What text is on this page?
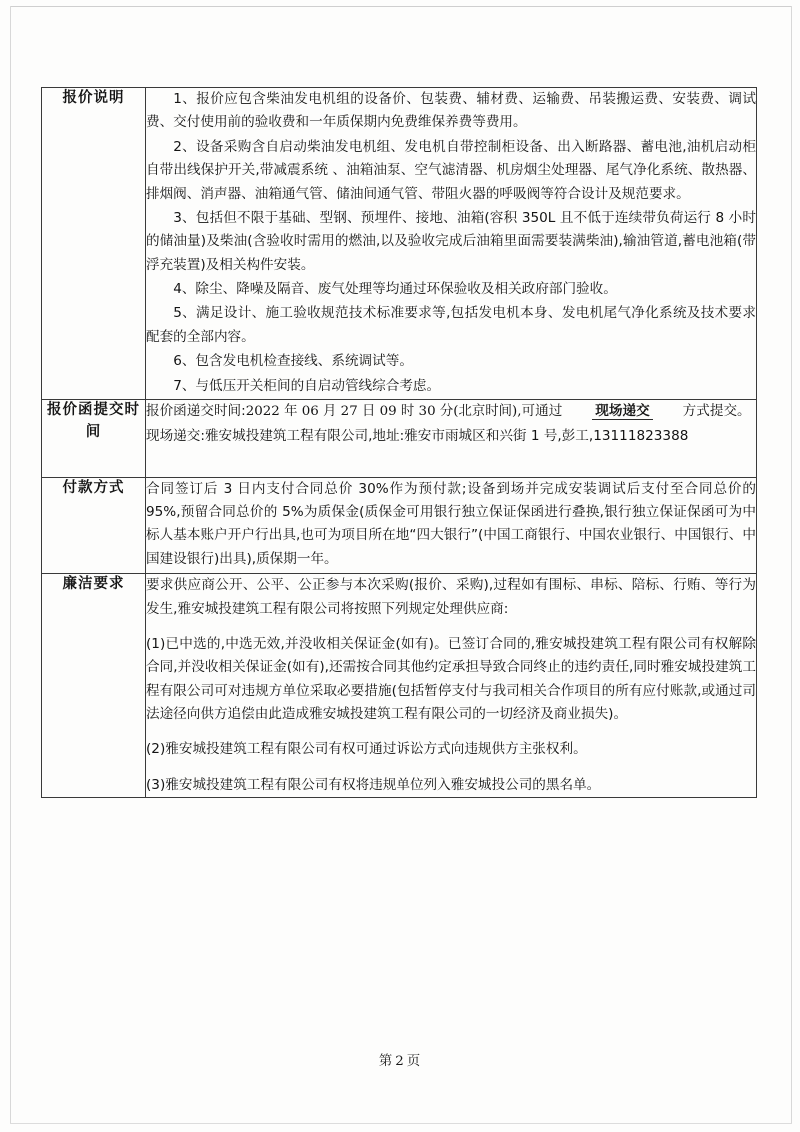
报价说明	1、报价应包含柴油发电机组的设备价、包装费、辅材费、运输费、吊装搬运费、安装费、调试费、交付使用前的验收费和一年质保期内免费维保养费等费用。

2、设备采购含自启动柴油发电机组、发电机自带控制柜设备、出入断路器、蓄电池,油机启动柜自带出线保护开关,带减震系统 、油箱油泵、空气滤清器、机房烟尘处理器、尾气净化系统、散热器、排烟阀、消声器、油箱通气管、储油间通气管、带阻火器的呼吸阀等符合设计及规范要求。

3、包括但不限于基础、型钢、预埋件、接地、油箱(容积 350L 且不低于连续带负荷运行 8 小时的储油量)及柴油(含验收时需用的燃油,以及验收完成后油箱里面需要装满柴油),输油管道,蓄电池箱(带浮充装置)及相关构件安装。

4、除尘、降噪及隔音、废气处理等均通过环保验收及相关政府部门验收。

5、满足设计、施工验收规范技术标准要求等,包括发电机本身、发电机尾气净化系统及技术要求配套的全部内容。

6、包含发电机检查接线、系统调试等。

7、与低压开关柜间的自启动管线综合考虑。

报价函提交时间	报价函递交时间:2022 年 06 月 27 日 09 时 30 分(北京时间),可通过 现场递交 方式提交。

现场递交:雅安城投建筑工程有限公司,地址:雅安市雨城区和兴街 1 号,彭工,13111823388

付款方式	合同签订后 3 日内支付合同总价 30%作为预付款;设备到场并完成安装调试后支付至合同总价的 95%,预留合同总价的 5%为质保金(质保金可用银行独立保证保函进行叠换,银行独立保证保函可为中标人基本账户开户行出具,也可为项目所在地“四大银行”(中国工商银行、中国农业银行、中国银行、中国建设银行)出具),质保期一年。

廉洁要求	要求供应商公开、公平、公正参与本次采购(报价、采购),过程如有围标、串标、陪标、行贿、等行为发生,雅安城投建筑工程有限公司将按照下列规定处理供应商:

(1)已中选的,中选无效,并没收相关保证金(如有)。已签订合同的,雅安城投建筑工程有限公司有权解除合同,并没收相关保证金(如有),还需按合同其他约定承担导致合同终止的违约责任,同时雅安城投建筑工程有限公司可对违规方单位采取必要措施(包括暂停支付与我司相关合作项目的所有应付账款,或通过司法途径向供方追偿由此造成雅安城投建筑工程有限公司的一切经济及商业损失)。

(2)雅安城投建筑工程有限公司有权可通过诉讼方式向违规供方主张权利。

(3)雅安城投建筑工程有限公司有权将违规单位列入雅安城投公司的黑名单。

第 2 页
